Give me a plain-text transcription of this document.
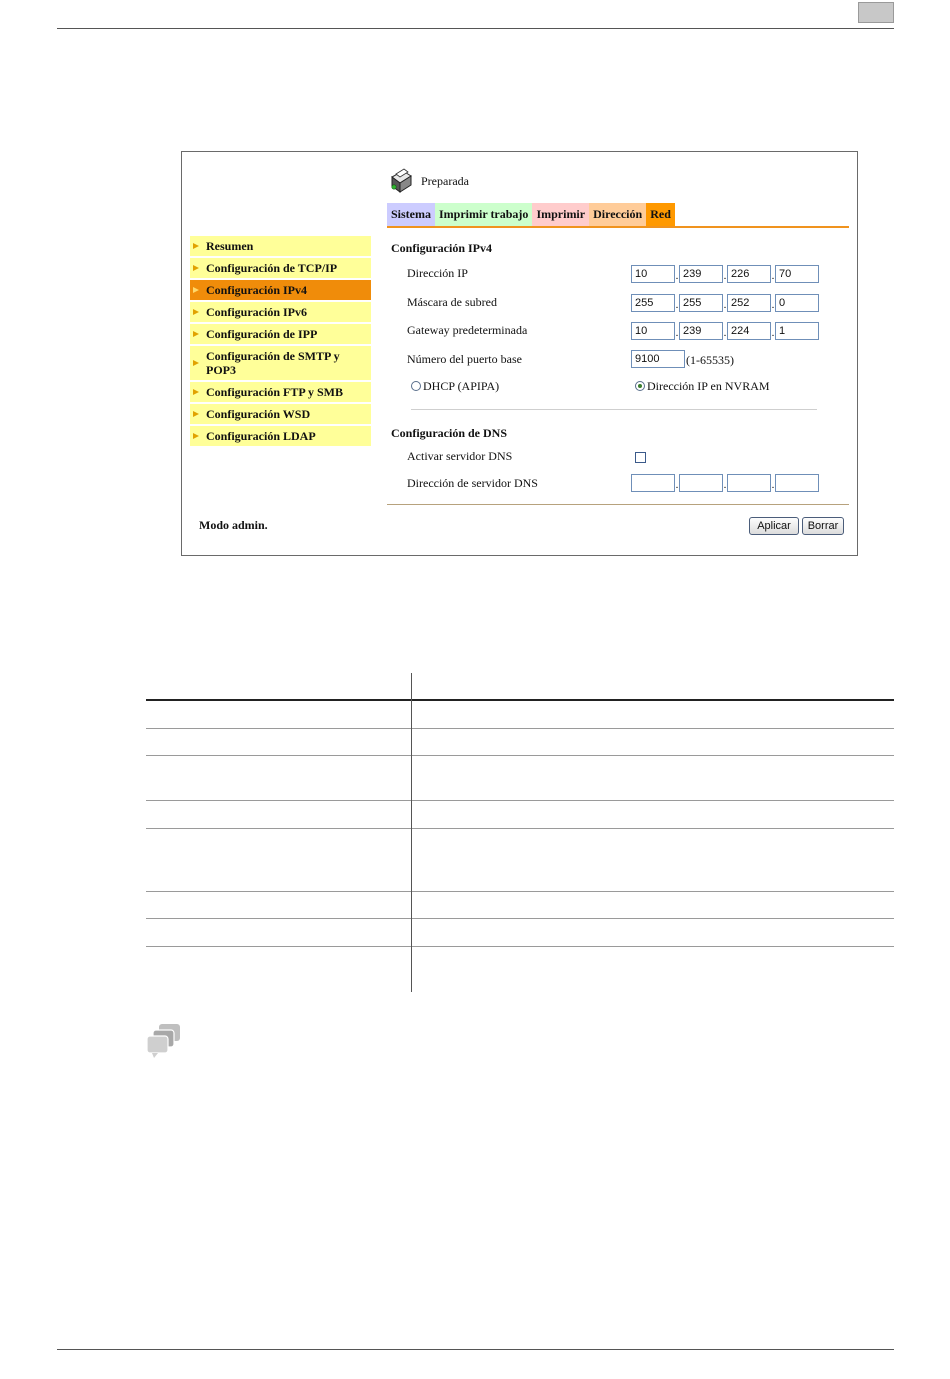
Preparada
Sistema Imprimir trabajo Imprimir Dirección Red
Resumen
Configuración de TCP/IP
Configuración IPv4
Configuración IPv6
Configuración de IPP
Configuración de SMTP y POP3
Configuración FTP y SMB
Configuración WSD
Configuración LDAP
Modo admin.
Configuración IPv4
Dirección IP	10	. 239	. 226	. 70
Máscara de subred	255	. 255	. 252	. 0
Gateway predeterminada	10	. 239	. 224	. 1
Número del puerto base	9100	(1-65535)
DHCP (APIPA)	Dirección IP en NVRAM
Configuración de DNS
Activar servidor DNS
Dirección de servidor DNS	.	.	.
Aplicar	Borrar
